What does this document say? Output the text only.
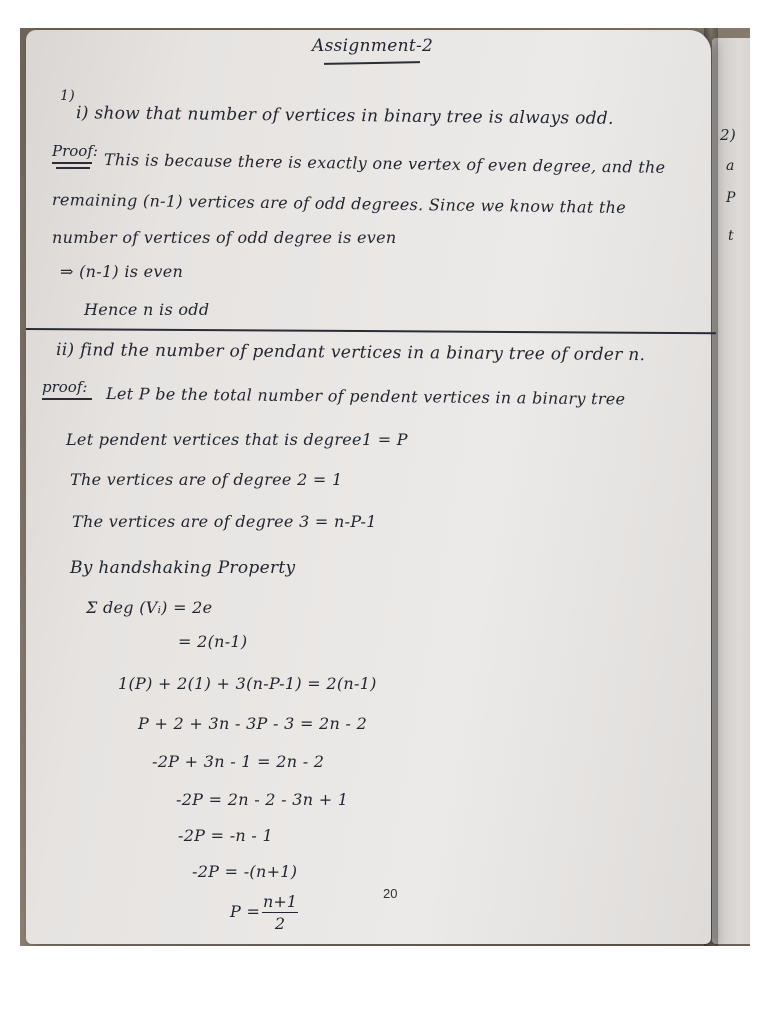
2)
a
P
t
Assignment-2
1)
i) show that number of vertices in binary tree is always odd.
Proof: This is because there is exactly one vertex of even degree, and the
remaining (n-1) vertices are of odd degrees. Since we know that the
number of vertices of odd degree is even
⇒ (n-1) is even
Hence n is odd
ii) find the number of pendant vertices in a binary tree of order n.
proof: Let P be the total number of pendent vertices in a binary tree
Let pendent vertices that is degree1 = P
The vertices are of degree 2 = 1
The vertices are of degree 3 = n-P-1
By handshaking Property
Σ deg (Vᵢ) = 2e
= 2(n-1)
1(P) + 2(1) + 3(n-P-1) = 2(n-1)
P + 2 + 3n - 3P - 3 = 2n - 2
-2P + 3n - 1 = 2n - 2
-2P = 2n - 2 - 3n + 1
-2P = -n - 1
-2P = -(n+1)
P =
n+1
2
20
